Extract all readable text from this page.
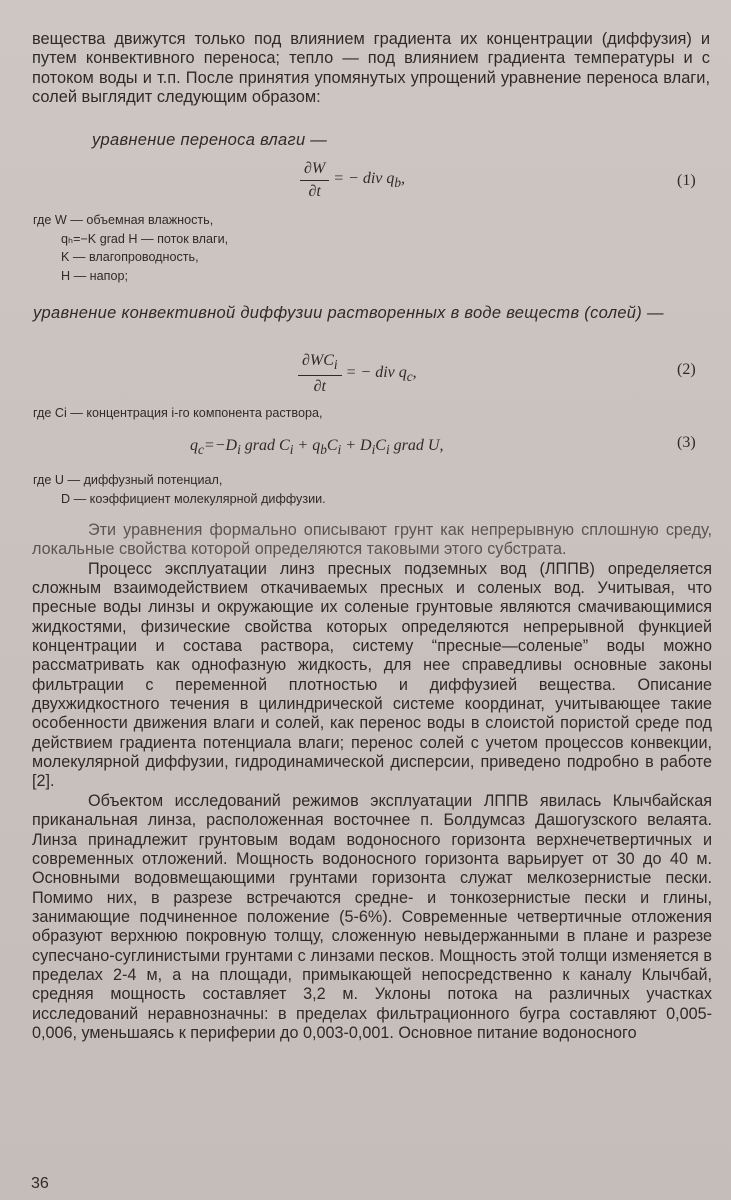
вещества движутся только под влиянием градиента их концентрации (диффузия) и путем конвективного переноса; тепло — под влиянием градиента температуры и с потоком воды и т.п. После принятия упомянутых упрощений уравнение переноса влаги, солей выглядит следующим образом:
уравнение переноса влаги —
$\frac{\partial W}{\partial t}$ = − div $q_b$,	(1)
где W — объемная влажность,
qₕ=−K grad H — поток влаги,
K — влагопроводность,
H — напор;
уравнение конвективной диффузии растворенных в воде веществ (солей) —
$\frac{\partial WC_i}{\partial t}$ = − div $q_c$,	(2)
где Ci — концентрация i-го компонента раствора,
$q_c=-D_i$ grad $C_i + q_bC_i + D_iC_i$ grad U,	(3)
где U — диффузный потенциал,
D — коэффициент молекулярной диффузии.

Эти уравнения формально описывают грунт как непрерывную сплошную среду, локальные свойства которой определяются таковыми этого субстрата.

Процесс эксплуатации линз пресных подземных вод (ЛППВ) определяется сложным взаимодействием откачиваемых пресных и соленых вод. Учитывая, что пресные воды линзы и окружающие их соленые грунтовые являются смачивающимися жидкостями, физические свойства которых определяются непрерывной функцией концентрации и состава раствора, систему “пресные—соленые” воды можно рассматривать как однофазную жидкость, для нее справедливы основные законы фильтрации с переменной плотностью и диффузией вещества. Описание двухжидкостного течения в цилиндрической системе координат, учитывающее такие особенности движения влаги и солей, как перенос воды в слоистой пористой среде под действием градиента потенциала влаги; перенос солей с учетом процессов конвекции, молекулярной диффузии, гидродинамической дисперсии, приведено подробно в работе [2].

Объектом исследований режимов эксплуатации ЛППВ явилась Клычбайская приканальная линза, расположенная восточнее п. Болдумсаз Дашогузского велаята. Линза принадлежит грунтовым водам водоносного горизонта верхнечетвертичных и современных отложений. Мощность водоносного горизонта варьирует от 30 до 40 м. Основными водовмещающими грунтами горизонта служат мелкозернистые пески. Помимо них, в разрезе встречаются средне- и тонкозернистые пески и глины, занимающие подчиненное положение (5-6%). Современные четвертичные отложения образуют верхнюю покровную толщу, сложенную невыдержанными в плане и разрезе супесчано-суглинистыми грунтами с линзами песков. Мощность этой толщи изменяется в пределах 2-4 м, а на площади, примыкающей непосредственно к каналу Клычбай, средняя мощность составляет 3,2 м. Уклоны потока на различных участках исследований неравнозначны: в пределах фильтрационного бугра составляют 0,005-0,006, уменьшаясь к периферии до 0,003-0,001. Основное питание водоносного

36
